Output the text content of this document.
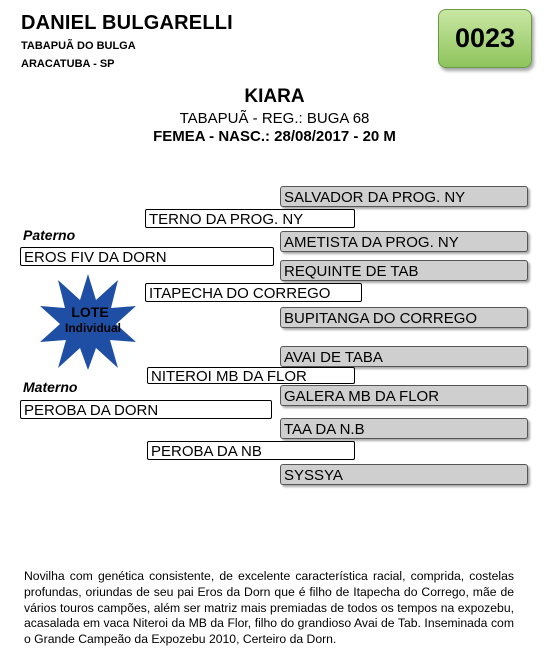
DANIEL BULGARELLI
TABAPUÃ DO BULGA
ARACATUBA - SP
0023
KIARA
TABAPUÃ - REG.: BUGA 68
FEMEA - NASC.: 28/08/2017 - 20 M
SALVADOR DA PROG. NY
TERNO DA PROG. NY
Paterno	AMETISTA DA PROG. NY
EROS FIV DA DORN
REQUINTE DE TAB
ITAPECHA DO CORREGO
BUPITANGA DO CORREGO
LOTE
Individual
AVAI DE TABA
NITEROI MB DA FLOR
Materno
GALERA MB DA FLOR
PEROBA DA DORN
TAA DA N.B
PEROBA DA NB
SYSSYA
Novilha com genética consistente, de excelente característica racial, comprida, costelas profundas, oriundas de seu pai Eros da Dorn que é filho de Itapecha do Corrego, mãe de vários touros campões, além ser matriz mais premiadas de todos os tempos na expozebu, acasalada em vaca Niteroi da MB da Flor, filho do grandioso Avai de Tab. Inseminada com o Grande Campeão da Expozebu 2010, Certeiro da Dorn.
